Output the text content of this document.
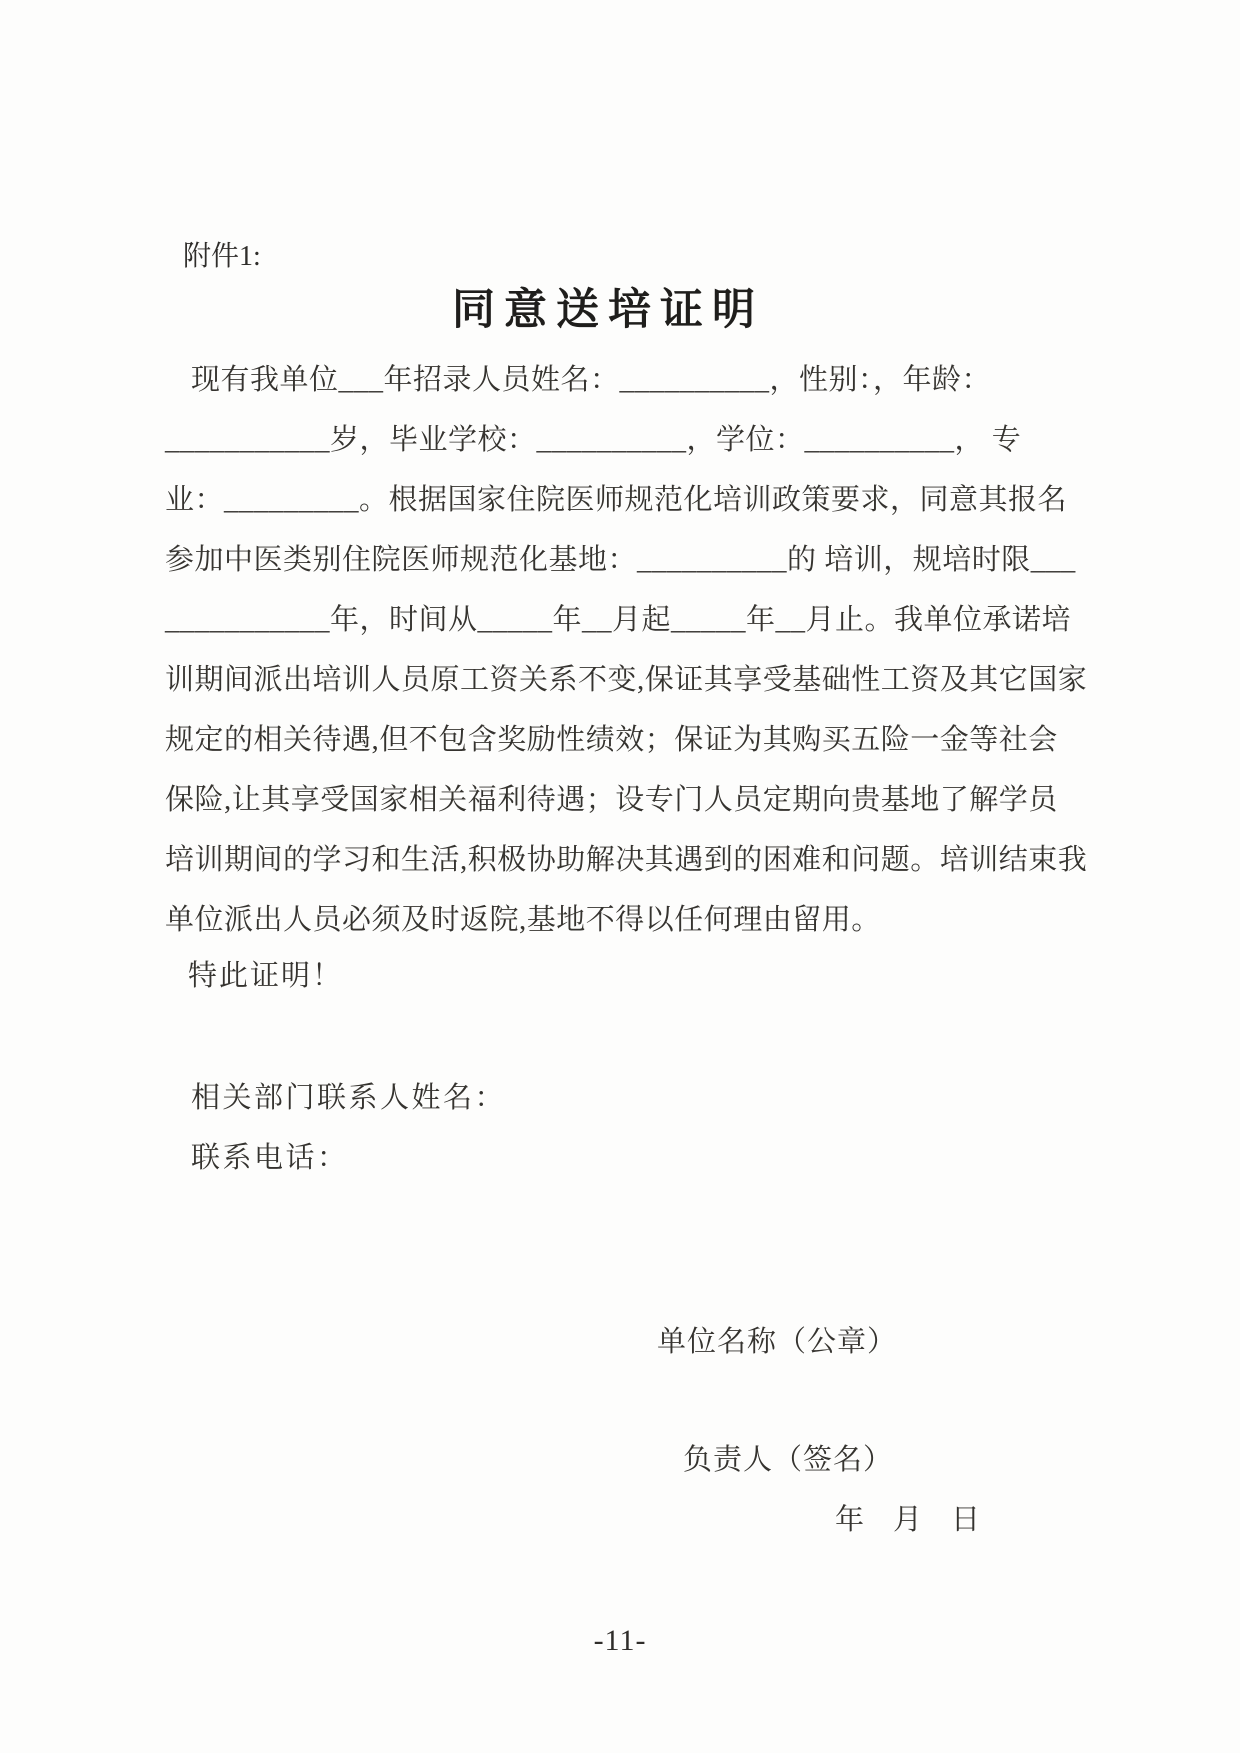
附件1:
同意送培证明
现有我单位___年招录人员姓名：__________，性别：，年龄：
___________岁，毕业学校：__________，学位：__________， 专
业：_________。根据国家住院医师规范化培训政策要求，同意其报名
参加中医类别住院医师规范化基地：__________的 培训，规培时限___
___________年，时间从_____年__月起_____年__月止。我单位承诺培
训期间派出培训人员原工资关系不变,保证其享受基础性工资及其它国家
规定的相关待遇,但不包含奖励性绩效；保证为其购买五险一金等社会
保险,让其享受国家相关福利待遇；设专门人员定期向贵基地了解学员
培训期间的学习和生活,积极协助解决其遇到的困难和问题。培训结束我
单位派出人员必须及时返院,基地不得以任何理由留用。
特此证明！
相关部门联系人姓名：
联系电话：
单位名称（公章）
负责人（签名）
年    月    日
-11-
